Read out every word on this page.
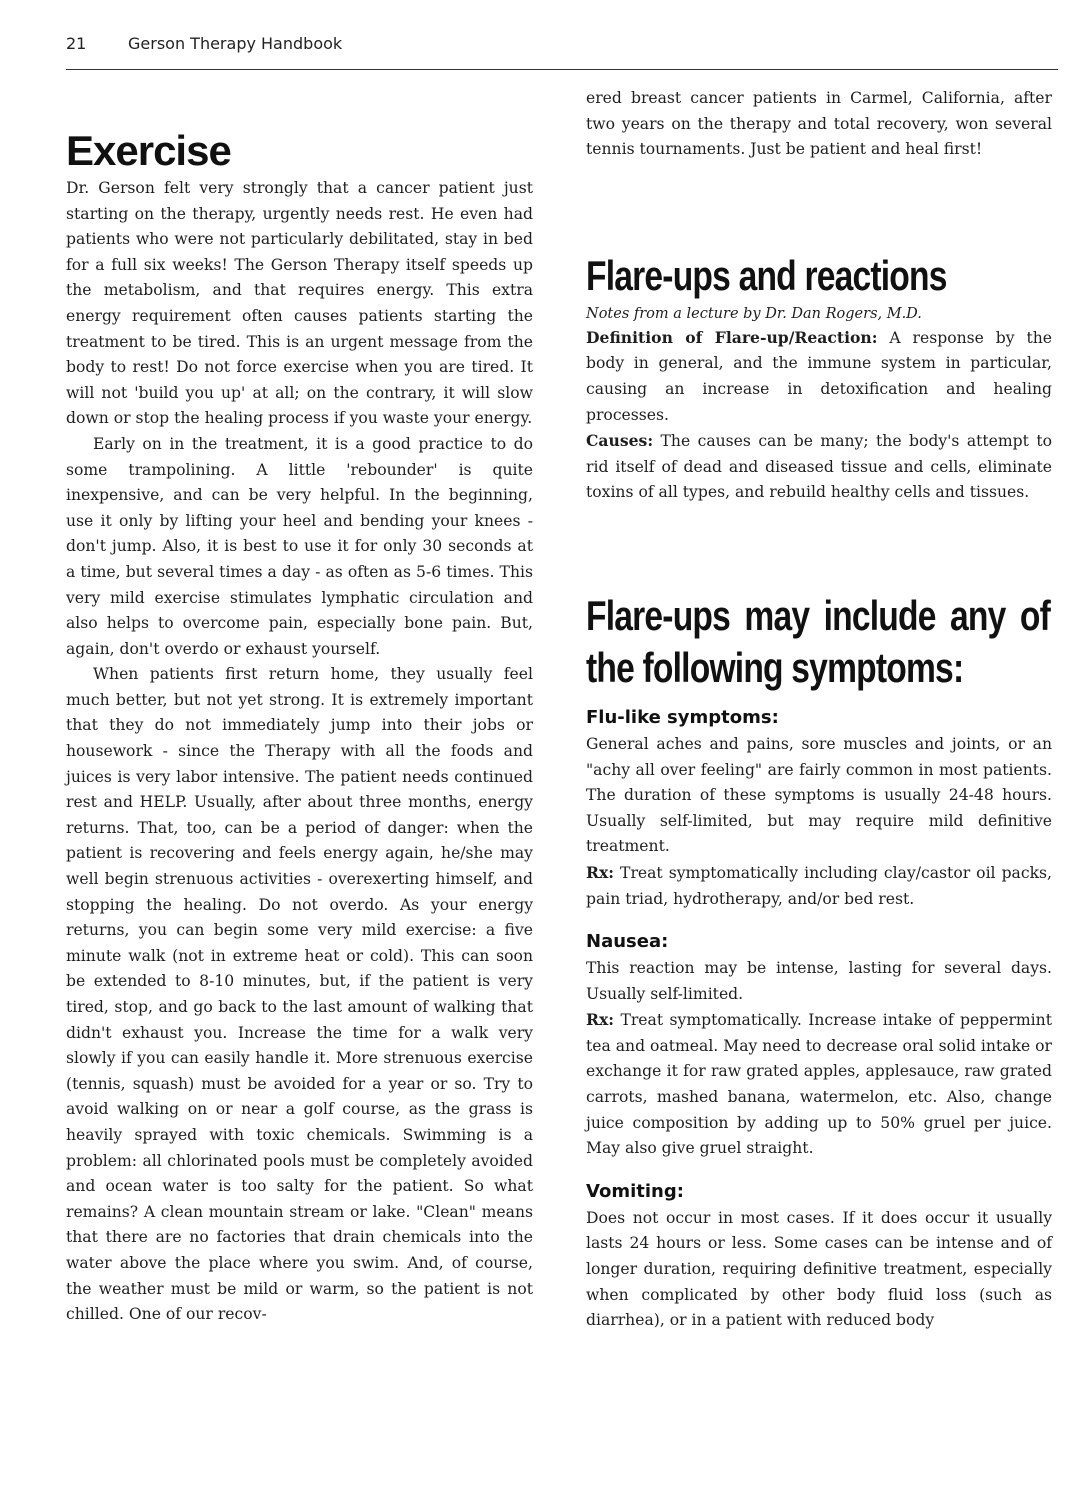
21	Gerson Therapy Handbook
Exercise

Dr. Gerson felt very strongly that a cancer patient just starting on the therapy, urgently needs rest. He even had patients who were not particularly debilitated, stay in bed for a full six weeks! The Gerson Therapy itself speeds up the metabolism, and that requires energy. This extra energy requirement often causes patients starting the treatment to be tired. This is an urgent message from the body to rest! Do not force exercise when you are tired. It will not 'build you up' at all; on the contrary, it will slow down or stop the healing process if you waste your energy.

Early on in the treatment, it is a good practice to do some trampolining. A little 'rebounder' is quite inexpensive, and can be very helpful. In the beginning, use it only by lifting your heel and bending your knees - don't jump. Also, it is best to use it for only 30 seconds at a time, but several times a day - as often as 5-6 times. This very mild exercise stimulates lymphatic circulation and also helps to overcome pain, especially bone pain. But, again, don't overdo or exhaust yourself.

When patients first return home, they usually feel much better, but not yet strong. It is extremely important that they do not immediately jump into their jobs or housework - since the Therapy with all the foods and juices is very labor intensive. The patient needs continued rest and HELP. Usually, after about three months, energy returns. That, too, can be a period of danger: when the patient is recovering and feels energy again, he/she may well begin strenuous activities - overexerting himself, and stopping the healing. Do not overdo. As your energy returns, you can begin some very mild exercise: a five minute walk (not in extreme heat or cold). This can soon be extended to 8-10 minutes, but, if the patient is very tired, stop, and go back to the last amount of walking that didn't exhaust you. Increase the time for a walk very slowly if you can easily handle it. More strenuous exercise (tennis, squash) must be avoided for a year or so. Try to avoid walking on or near a golf course, as the grass is heavily sprayed with toxic chemicals. Swimming is a problem: all chlorinated pools must be completely avoided and ocean water is too salty for the patient. So what remains? A clean mountain stream or lake. "Clean" means that there are no factories that drain chemicals into the water above the place where you swim. And, of course, the weather must be mild or warm, so the patient is not chilled. One of our recov-

ered breast cancer patients in Carmel, California, after two years on the therapy and total recovery, won several tennis tournaments. Just be patient and heal first!

Flare-ups and reactions
Notes from a lecture by Dr. Dan Rogers, M.D.

Definition of Flare-up/Reaction: A response by the body in general, and the immune system in particular, causing an increase in detoxification and healing processes.

Causes: The causes can be many; the body's attempt to rid itself of dead and diseased tissue and cells, eliminate toxins of all types, and rebuild healthy cells and tissues.

Flare-ups may include any of the following symptoms:
Flu-like symptoms:

General aches and pains, sore muscles and joints, or an "achy all over feeling" are fairly common in most patients. The duration of these symptoms is usually 24-48 hours. Usually self-limited, but may require mild definitive treatment.

Rx: Treat symptomatically including clay/castor oil packs, pain triad, hydrotherapy, and/or bed rest.

Nausea:

This reaction may be intense, lasting for several days. Usually self-limited.

Rx: Treat symptomatically. Increase intake of peppermint tea and oatmeal. May need to decrease oral solid intake or exchange it for raw grated apples, applesauce, raw grated carrots, mashed banana, watermelon, etc. Also, change juice composition by adding up to 50% gruel per juice. May also give gruel straight.

Vomiting:

Does not occur in most cases. If it does occur it usually lasts 24 hours or less. Some cases can be intense and of longer duration, requiring definitive treatment, especially when complicated by other body fluid loss (such as diarrhea), or in a patient with reduced body
